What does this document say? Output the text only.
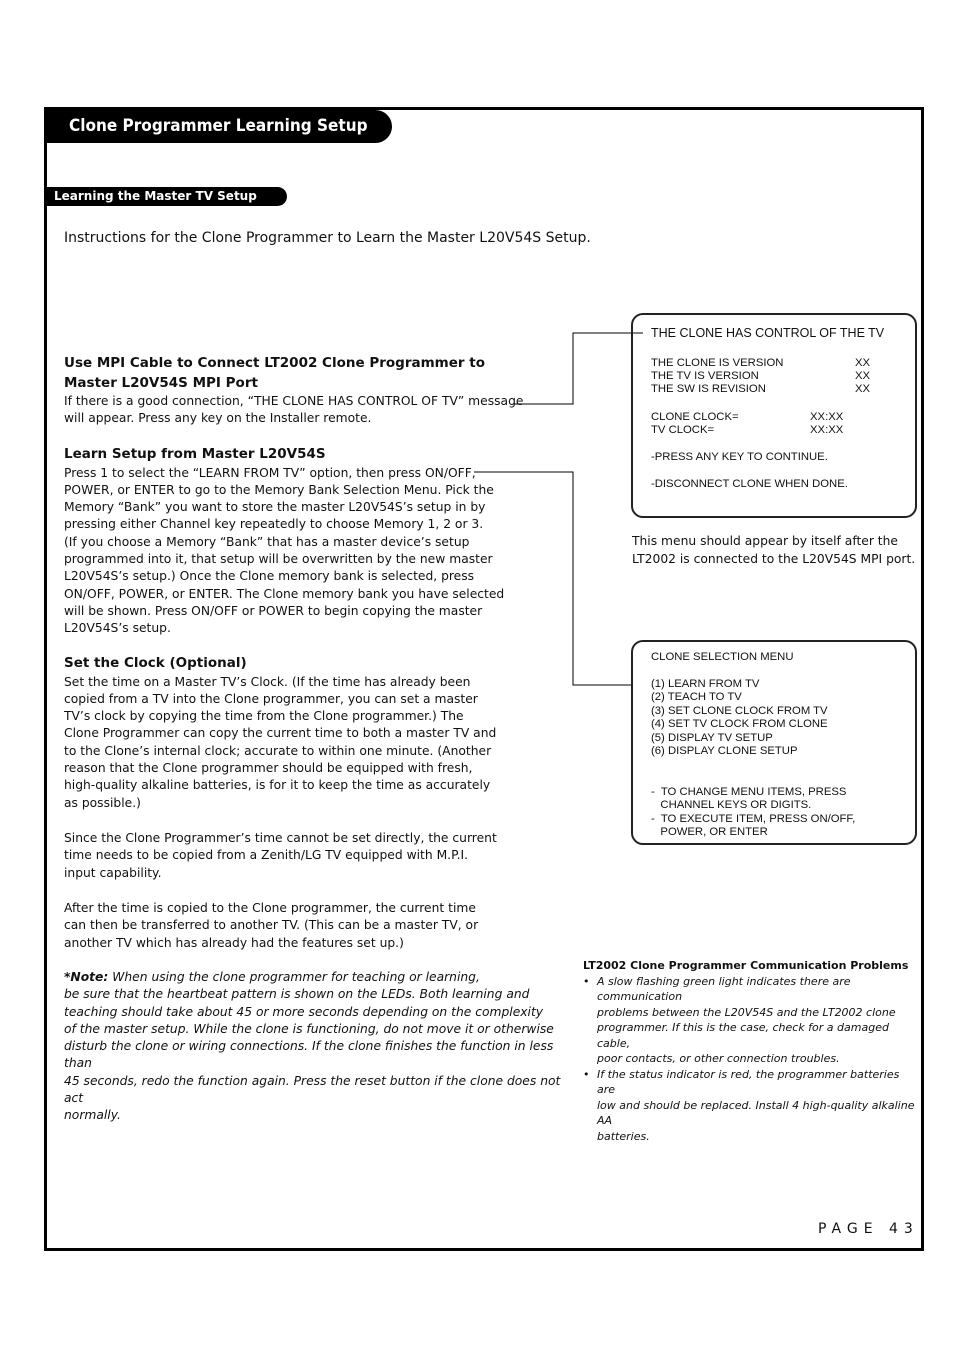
Clone Programmer Learning Setup
Learning the Master TV Setup
Instructions for the Clone Programmer to Learn the Master L20V54S Setup.
Use MPI Cable to Connect LT2002 Clone Programmer to
Master L20V54S MPI Port

If there is a good connection, “THE CLONE HAS CONTROL OF TV” message
will appear. Press any key on the Installer remote.

Learn Setup from Master L20V54S

Press 1 to select the “LEARN FROM TV” option, then press ON/OFF,
POWER, or ENTER to go to the Memory Bank Selection Menu. Pick the
Memory “Bank” you want to store the master L20V54S’s setup in by
pressing either Channel key repeatedly to choose Memory 1, 2 or 3.
(If you choose a Memory “Bank” that has a master device’s setup
programmed into it, that setup will be overwritten by the new master
L20V54S’s setup.) Once the Clone memory bank is selected, press
ON/OFF, POWER, or ENTER. The Clone memory bank you have selected
will be shown. Press ON/OFF or POWER to begin copying the master
L20V54S’s setup.

Set the Clock (Optional)

Set the time on a Master TV’s Clock. (If the time has already been
copied from a TV into the Clone programmer, you can set a master
TV’s clock by copying the time from the Clone programmer.) The
Clone Programmer can copy the current time to both a master TV and
to the Clone’s internal clock; accurate to within one minute. (Another
reason that the Clone programmer should be equipped with fresh,
high-quality alkaline batteries, is for it to keep the time as accurately
as possible.)

Since the Clone Programmer’s time cannot be set directly, the current
time needs to be copied from a Zenith/LG TV equipped with M.P.I.
input capability.

After the time is copied to the Clone programmer, the current time
can then be transferred to another TV. (This can be a master TV, or
another TV which has already had the features set up.)

*Note: When using the clone programmer for teaching or learning,
be sure that the heartbeat pattern is shown on the LEDs. Both learning and
teaching should take about 45 or more seconds depending on the complexity
of the master setup. While the clone is functioning, do not move it or otherwise
disturb the clone or wiring connections. If the clone finishes the function in less than
45 seconds, redo the function again. Press the reset button if the clone does not act
normally.

THE CLONE HAS CONTROL OF THE TV
THE CLONE IS VERSION	XX
THE TV IS VERSION	XX
THE SW IS REVISION	XX
CLONE CLOCK=	XX:XX
TV CLOCK=	XX:XX
-PRESS ANY KEY TO CONTINUE.
-DISCONNECT CLONE WHEN DONE.
This menu should appear by itself after the
LT2002 is connected to the L20V54S MPI port.
CLONE SELECTION MENU
(1) LEARN FROM TV
(2) TEACH TO TV
(3) SET CLONE CLOCK FROM TV
(4) SET TV CLOCK FROM CLONE
(5) DISPLAY TV SETUP
(6) DISPLAY CLONE SETUP
-  TO CHANGE MENU ITEMS, PRESS
CHANNEL KEYS OR DIGITS.
-  TO EXECUTE ITEM, PRESS ON/OFF,
POWER, OR ENTER
LT2002 Clone Programmer Communication Problems
• A slow flashing green light indicates there are communication
problems between the L20V54S and the LT2002 clone
programmer. If this is the case, check for a damaged cable,
poor contacts, or other connection troubles.
• If the status indicator is red, the programmer batteries are
low and should be replaced. Install 4 high-quality alkaline AA
batteries.
PAGE 43
